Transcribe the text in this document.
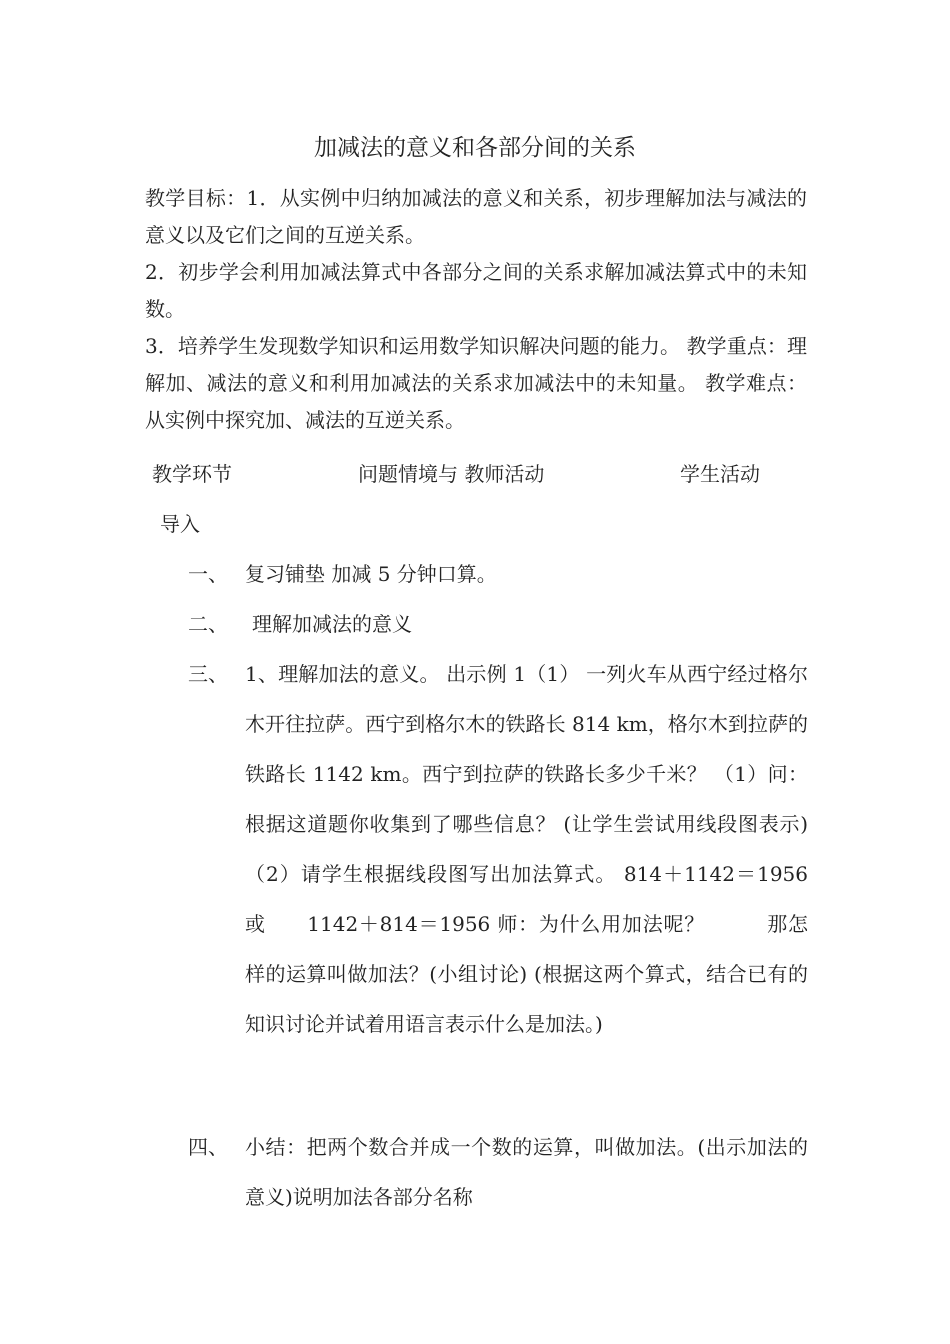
加减法的意义和各部分间的关系
教学目标：1．从实例中归纳加减法的意义和关系，初步理解加法与减法的意义以及它们之间的互逆关系。
2．初步学会利用加减法算式中各部分之间的关系求解加减法算式中的未知数。
3．培养学生发现数学知识和运用数学知识解决问题的能力。 教学重点：理解加、减法的意义和利用加减法的关系求加减法中的未知量。 教学难点：从实例中探究加、减法的互逆关系。
教学环节	问题情境与 教师活动	学生活动
导入
一、 复习铺垫 加减 5 分钟口算。
二、 理解加减法的意义
三、 1、理解加法的意义。 出示例 1（1） 一列火车从西宁经过格尔木开往拉萨。西宁到格尔木的铁路长 814 km，格尔木到拉萨的铁路长 1142 km。西宁到拉萨的铁路长多少千米？ （1）问：根据这道题你收集到了哪些信息？ (让学生尝试用线段图表示) （2）请学生根据线段图写出加法算式。 814＋1142＝1956　或　　1142＋814＝1956 师：为什么用加法呢？　　　那怎样的运算叫做加法？(小组讨论) (根据这两个算式，结合已有的知识讨论并试着用语言表示什么是加法。)
四、 小结：把两个数合并成一个数的运算，叫做加法。(出示加法的意义)说明加法各部分名称
